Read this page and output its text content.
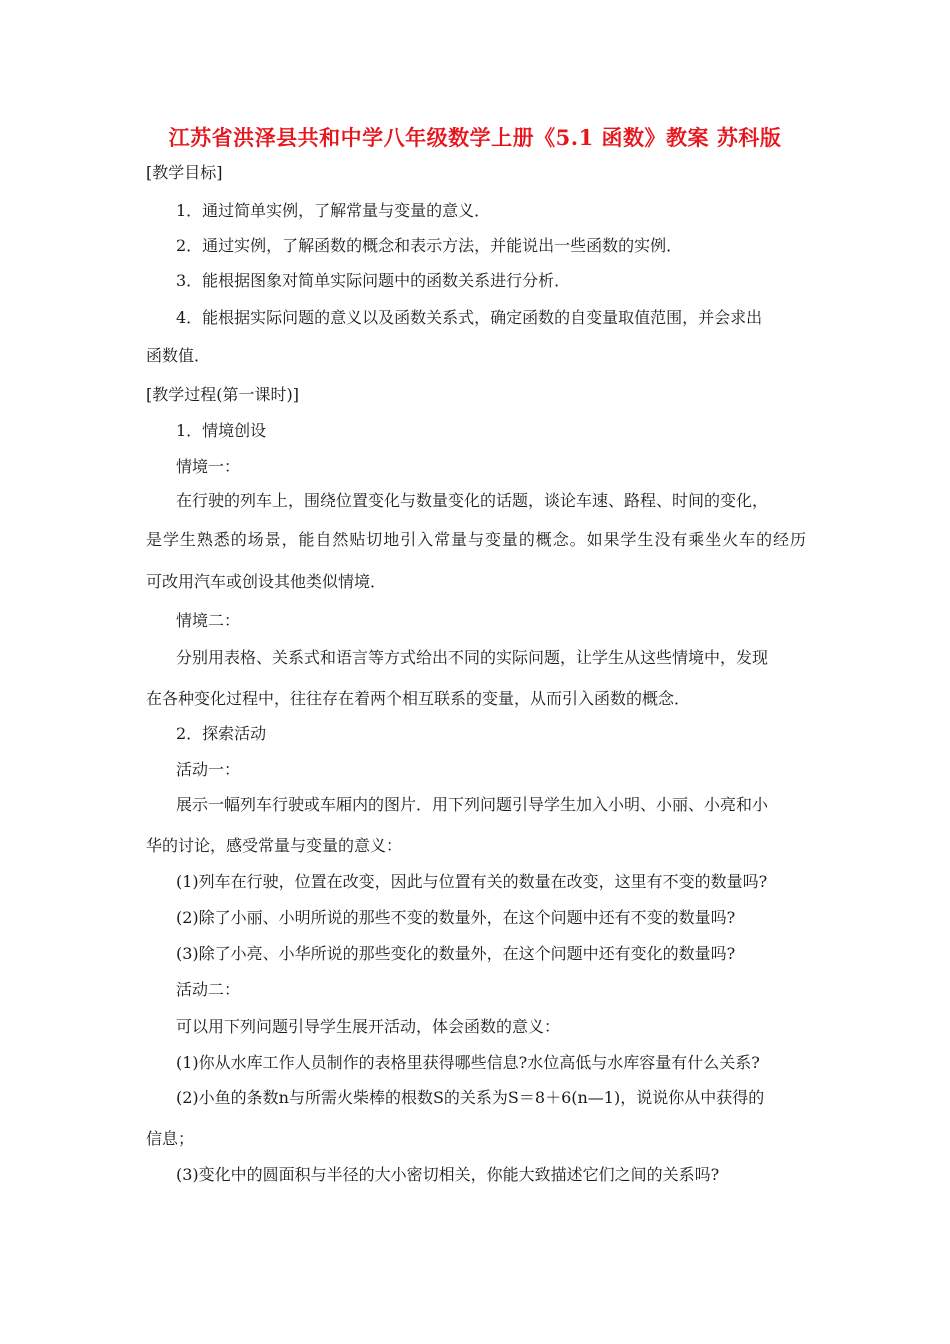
江苏省洪泽县共和中学八年级数学上册《5.1 函数》教案 苏科版
[教学目标]
1．通过简单实例，了解常量与变量的意义．
2．通过实例，了解函数的概念和表示方法，并能说出一些函数的实例．
3．能根据图象对简单实际问题中的函数关系进行分析．
4．能根据实际问题的意义以及函数关系式，确定函数的自变量取值范围，并会求出
函数值．
[教学过程(第一课时)]
1．情境创设
情境一：
在行驶的列车上，围绕位置变化与数量变化的话题，谈论车速、路程、时间的变化，
是学生熟悉的场景，能自然贴切地引入常量与变量的概念。如果学生没有乘坐火车的经历
可改用汽车或创设其他类似情境．
情境二：
分别用表格、关系式和语言等方式给出不同的实际问题，让学生从这些情境中，发现
在各种变化过程中，往往存在着两个相互联系的变量，从而引入函数的概念．
2．探索活动
活动一：
展示一幅列车行驶或车厢内的图片．用下列问题引导学生加入小明、小丽、小亮和小
华的讨论，感受常量与变量的意义：
(1)列车在行驶，位置在改变，因此与位置有关的数量在改变，这里有不变的数量吗?
(2)除了小丽、小明所说的那些不变的数量外，在这个问题中还有不变的数量吗?
(3)除了小亮、小华所说的那些变化的数量外，在这个问题中还有变化的数量吗?
活动二：
可以用下列问题引导学生展开活动，体会函数的意义：
(1)你从水库工作人员制作的表格里获得哪些信息?水位高低与水库容量有什么关系?
(2)小鱼的条数n与所需火柴棒的根数S的关系为S＝8＋6(n—1)，说说你从中获得的
信息；
(3)变化中的圆面积与半径的大小密切相关，你能大致描述它们之间的关系吗?
